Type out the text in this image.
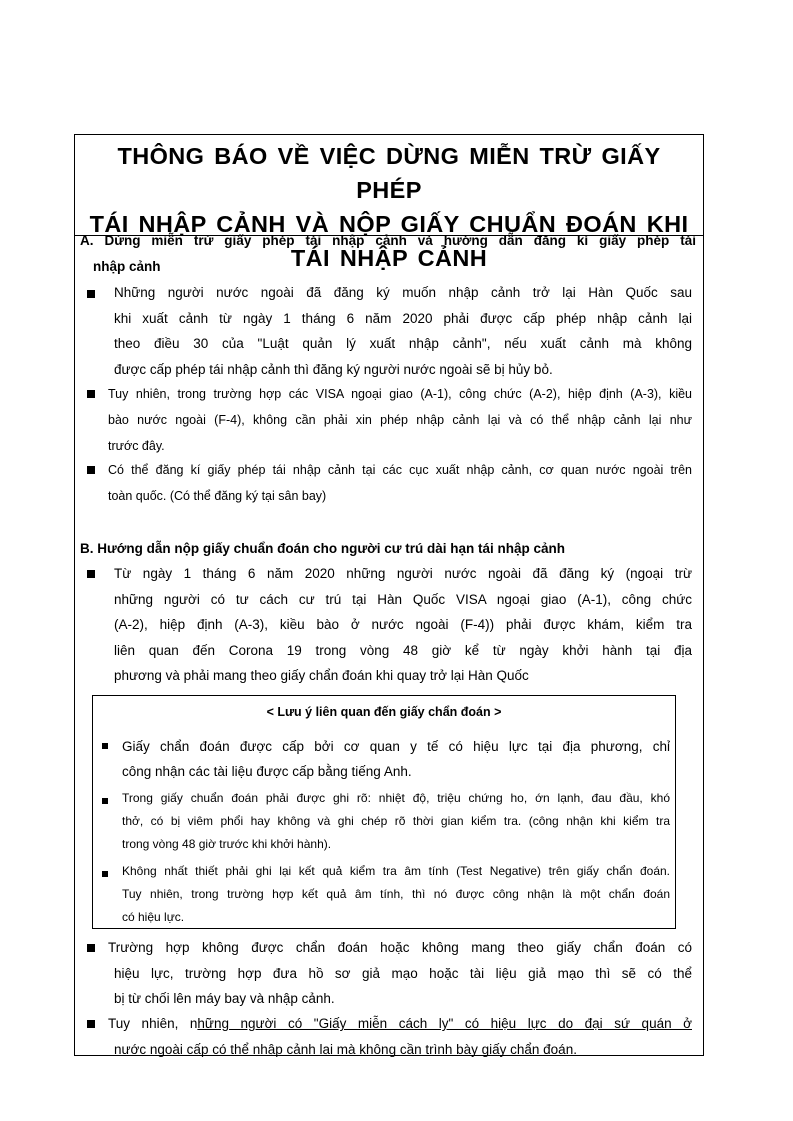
THÔNG BÁO VỀ VIỆC DỪNG MIỄN TRỪ GIẤY PHÉP
TÁI NHẬP CẢNH VÀ NỘP GIẤY CHUẨN ĐOÁN KHI
TÁI NHẬP CẢNH
A. Dừng miễn trừ giấy phép tái nhập cảnh và hướng dẫn đăng kí giấy phép tái
nhập cảnh
Những người nước ngoài đã đăng ký muốn nhập cảnh trở lại Hàn Quốc sau
khi xuất cảnh từ ngày 1 tháng 6 năm 2020 phải được cấp phép nhập cảnh lại
theo điều 30 của "Luật quản lý xuất nhập cảnh", nếu xuất cảnh mà không
được cấp phép tái nhập cảnh thì đăng ký người nước ngoài sẽ bị hủy bỏ.
Tuy nhiên, trong trường hợp các VISA ngoại giao (A-1), công chức (A-2), hiệp định (A-3), kiều
bào nước ngoài (F-4), không cần phải xin phép nhập cảnh lại và có thể nhập cảnh lại như
trước đây.
Có thể đăng kí giấy phép tái nhập cảnh tại các cục xuất nhập cảnh, cơ quan nước ngoài trên
toàn quốc. (Có thể đăng ký tại sân bay)
B. Hướng dẫn nộp giấy chuẩn đoán cho người cư trú dài hạn tái nhập cảnh
Từ ngày 1 tháng 6 năm 2020 những người nước ngoài đã đăng ký (ngoại trừ
những người có tư cách cư trú tại Hàn Quốc VISA ngoại giao (A-1), công chức
(A-2), hiệp định (A-3), kiều bào ở nước ngoài (F-4)) phải được khám, kiểm tra
liên quan đến Corona 19 trong vòng 48 giờ kể từ ngày khởi hành tại địa
phương và phải mang theo giấy chẩn đoán khi quay trở lại Hàn Quốc
< Lưu ý liên quan đến giấy chẩn đoán >
Giấy chẩn đoán được cấp bởi cơ quan y tế có hiệu lực tại địa phương, chỉ
công nhận các tài liệu được cấp bằng tiếng Anh.
Trong giấy chuẩn đoán phải được ghi rõ: nhiệt độ, triệu chứng ho, ớn lạnh, đau đầu, khó
thở, có bị viêm phổi hay không và ghi chép rõ thời gian kiểm tra. (công nhận khi kiểm tra
trong vòng 48 giờ trước khi khởi hành).
Không nhất thiết phải ghi lại kết quả kiểm tra âm tính (Test Negative) trên giấy chẩn đoán.
Tuy nhiên, trong trường hợp kết quả âm tính, thì nó được công nhận là một chẩn đoán
có hiệu lực.
Trường hợp không được chẩn đoán hoặc không mang theo giấy chẩn đoán có
hiệu lực, trường hợp đưa hồ sơ giả mạo hoặc tài liệu giả mạo thì sẽ có thể
bị từ chối lên máy bay và nhập cảnh.
Tuy nhiên, những người có "Giấy miễn cách ly" có hiệu lực do đại sứ quán ở
nước ngoài cấp có thể nhập cảnh lại mà không cần trình bày giấy chẩn đoán.
